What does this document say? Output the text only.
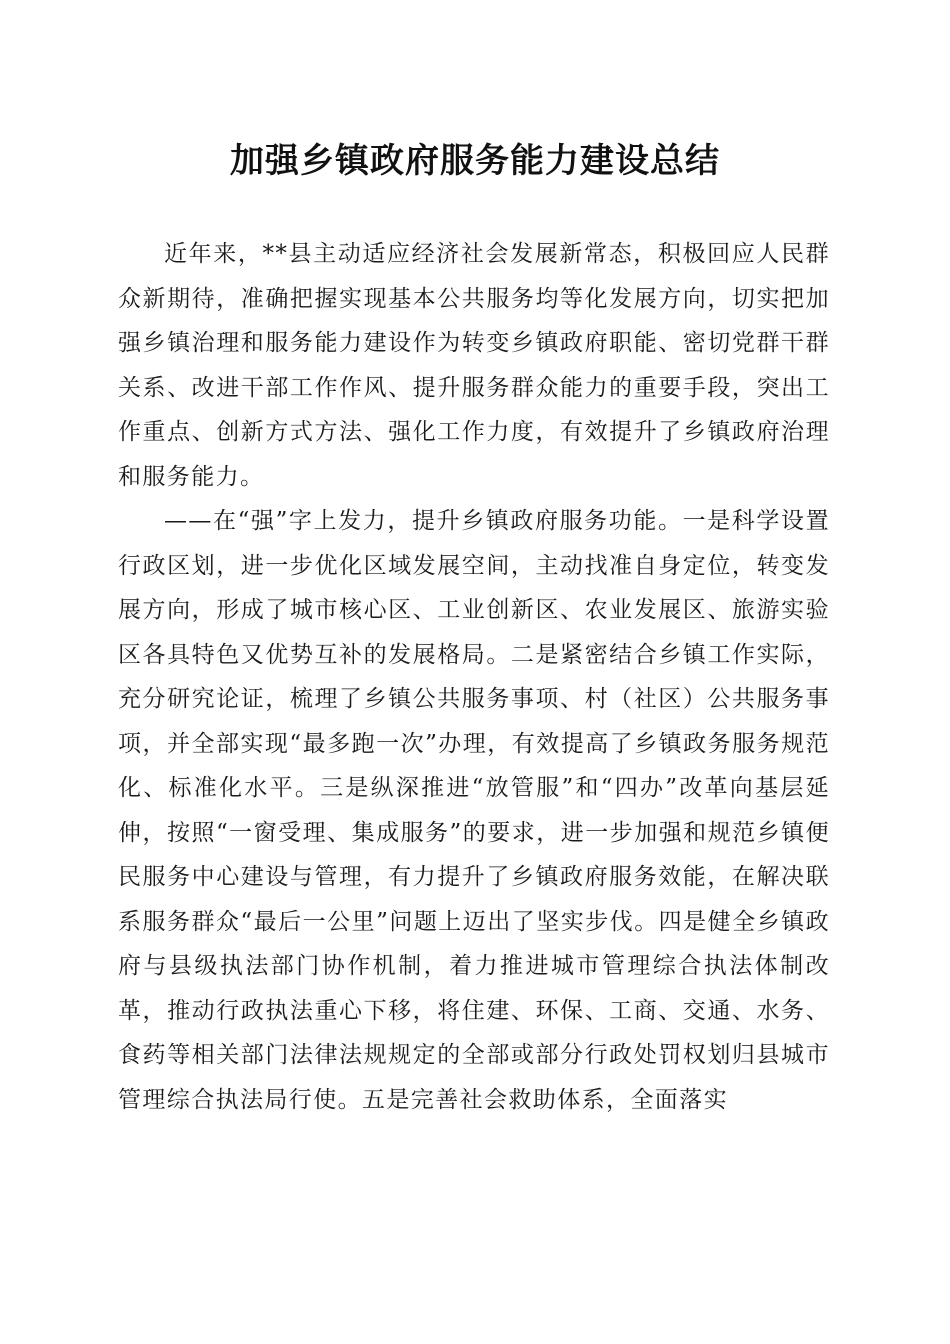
加强乡镇政府服务能力建设总结

近年来，**县主动适应经济社会发展新常态，积极回应人民群众新期待，准确把握实现基本公共服务均等化发展方向，切实把加强乡镇治理和服务能力建设作为转变乡镇政府职能、密切党群干群关系、改进干部工作作风、提升服务群众能力的重要手段，突出工作重点、创新方式方法、强化工作力度，有效提升了乡镇政府治理和服务能力。

——在“强”字上发力，提升乡镇政府服务功能。一是科学设置行政区划，进一步优化区域发展空间，主动找准自身定位，转变发展方向，形成了城市核心区、工业创新区、农业发展区、旅游实验区各具特色又优势互补的发展格局。二是紧密结合乡镇工作实际，充分研究论证，梳理了乡镇公共服务事项、村（社区）公共服务事项，并全部实现“最多跑一次”办理，有效提高了乡镇政务服务规范化、标准化水平。三是纵深推进“放管服”和“四办”改革向基层延伸，按照“一窗受理、集成服务”的要求，进一步加强和规范乡镇便民服务中心建设与管理，有力提升了乡镇政府服务效能，在解决联系服务群众“最后一公里”问题上迈出了坚实步伐。四是健全乡镇政府与县级执法部门协作机制，着力推进城市管理综合执法体制改革，推动行政执法重心下移，将住建、环保、工商、交通、水务、食药等相关部门法律法规规定的全部或部分行政处罚权划归县城市管理综合执法局行使。五是完善社会救助体系，全面落实
